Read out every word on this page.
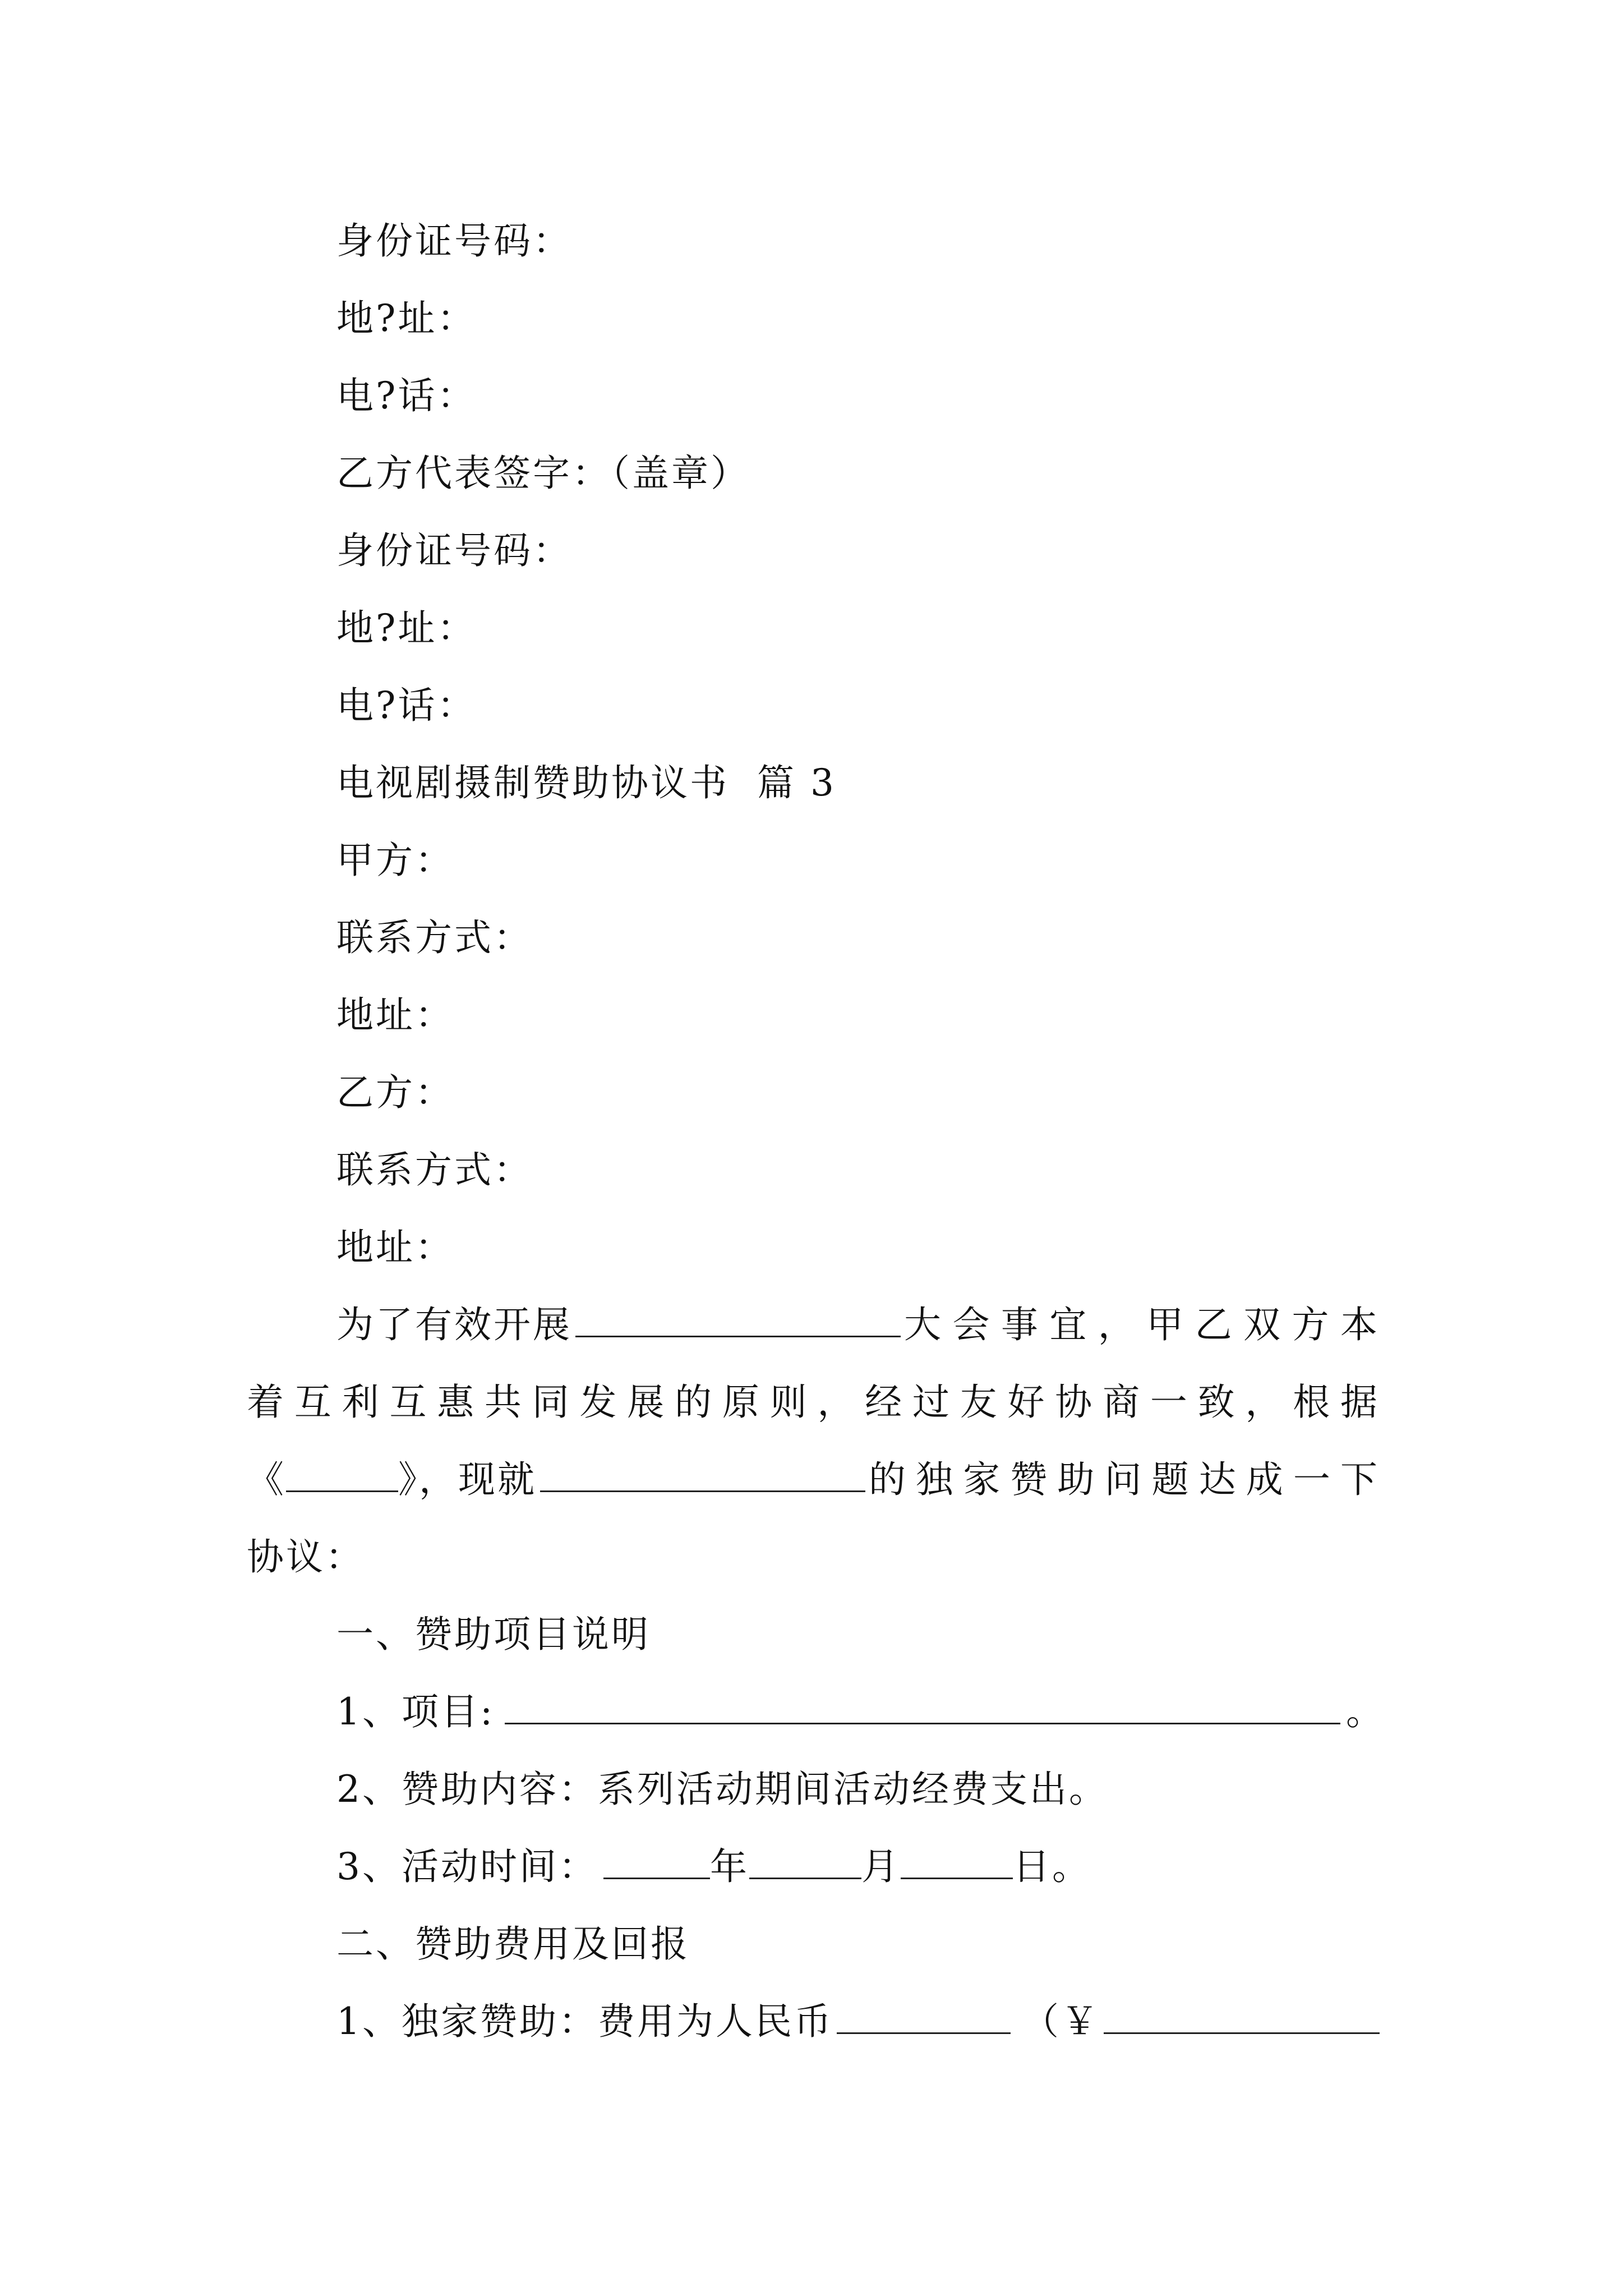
身份证号码：
地?址：
电?话：
乙方代表签字：（盖章）
身份证号码：
地?址：
电?话：
电视剧摄制赞助协议书  篇 3
甲方：
联系方式：
地址：
乙方：
联系方式：
地址：
为了有效开展	大会事宜，甲乙双方本
着互利互惠共同发展的原则，经过友好协商一致，根据
《	》，现就	的独家赞助问题达成一下
协议：
一、赞助项目说明
1、项目:	。
2、赞助内容：系列活动期间活动经费支出。
3、活动时间：	年	月	日。
二、赞助费用及回报
1、独家赞助：费用为人民币	（￥
